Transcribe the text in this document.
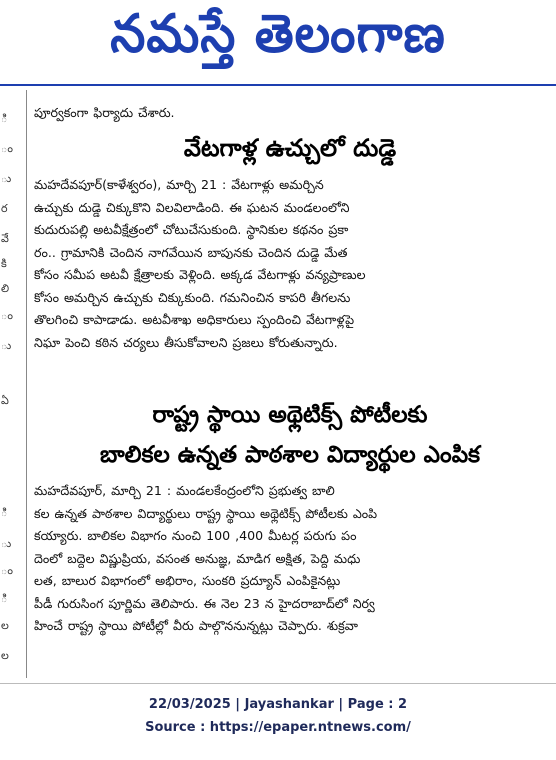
నమస్తే తెలంగాణ
ి
ం
ు
ర
వే
కి
లి
ం
ు
ఏ
ి
ు
ం
ి
ల
ల
పూర్వకంగా ఫిర్యాదు చేశారు.
వేటగాళ్ల ఉచ్చులో దుడ్డె
మహదేవపూర్(కాళేశ్వరం), మార్చి 21 : వేటగాళ్లు అమర్చిన
ఉచ్చుకు దుడ్డె చిక్కుకొని విలవిలాడింది. ఈ ఘటన మండలంలోని
కుదురుపల్లి అటవీక్షేత్రంలో చోటుచేసుకుంది. స్థానికుల కథనం ప్రకా
రం.. గ్రామానికి చెందిన నాగవేయిన బాపునకు చెందిన దుడ్డె మేత
కోసం సమీప అటవీ క్షేత్రాలకు వెళ్లింది. అక్కడ వేటగాళ్లు వన్యప్రాణుల
కోసం అమర్చిన ఉచ్చుకు చిక్కుకుంది. గమనించిన కాపరి తీగలను
తొలగించి కాపాడాడు. అటవీశాఖ అధికారులు స్పందించి వేటగాళ్లపై
నిఘా పెంచి కఠిన చర్యలు తీసుకోవాలని ప్రజలు కోరుతున్నారు.
రాష్ట్ర స్థాయి అథ్లెటిక్స్ పోటీలకు
బాలికల ఉన్నత పాఠశాల విద్యార్థుల ఎంపిక
మహదేవపూర్, మార్చి 21 : మండలకేంద్రంలోని ప్రభుత్వ బాలి
కల ఉన్నత పాఠశాల విద్యార్థులు రాష్ట్ర స్థాయి అథ్లెటిక్స్ పోటీలకు ఎంపి
కయ్యారు. బాలికల విభాగం నుంచి 100 ,400 మీటర్ల పరుగు పం
దెంలో బద్దెల విష్ణుప్రియ, వసంత అనుజ్ఞ, మాడిగ అక్షిత, పెద్ది మధు
లత, బాలుర విభాగంలో అభిరాం, సుంకరి ప్రద్యూన్ ఎంపికైనట్లు
పీడీ గురుసింగ పూర్ణిమ తెలిపారు. ఈ నెల 23 న హైదరాబాద్‌లో నిర్వ
హించే రాష్ట్ర స్థాయి పోటీల్లో వీరు పాల్గొననున్నట్లు చెప్పారు. శుక్రవా
22/03/2025 | Jayashankar | Page : 2
Source : https://epaper.ntnews.com/
